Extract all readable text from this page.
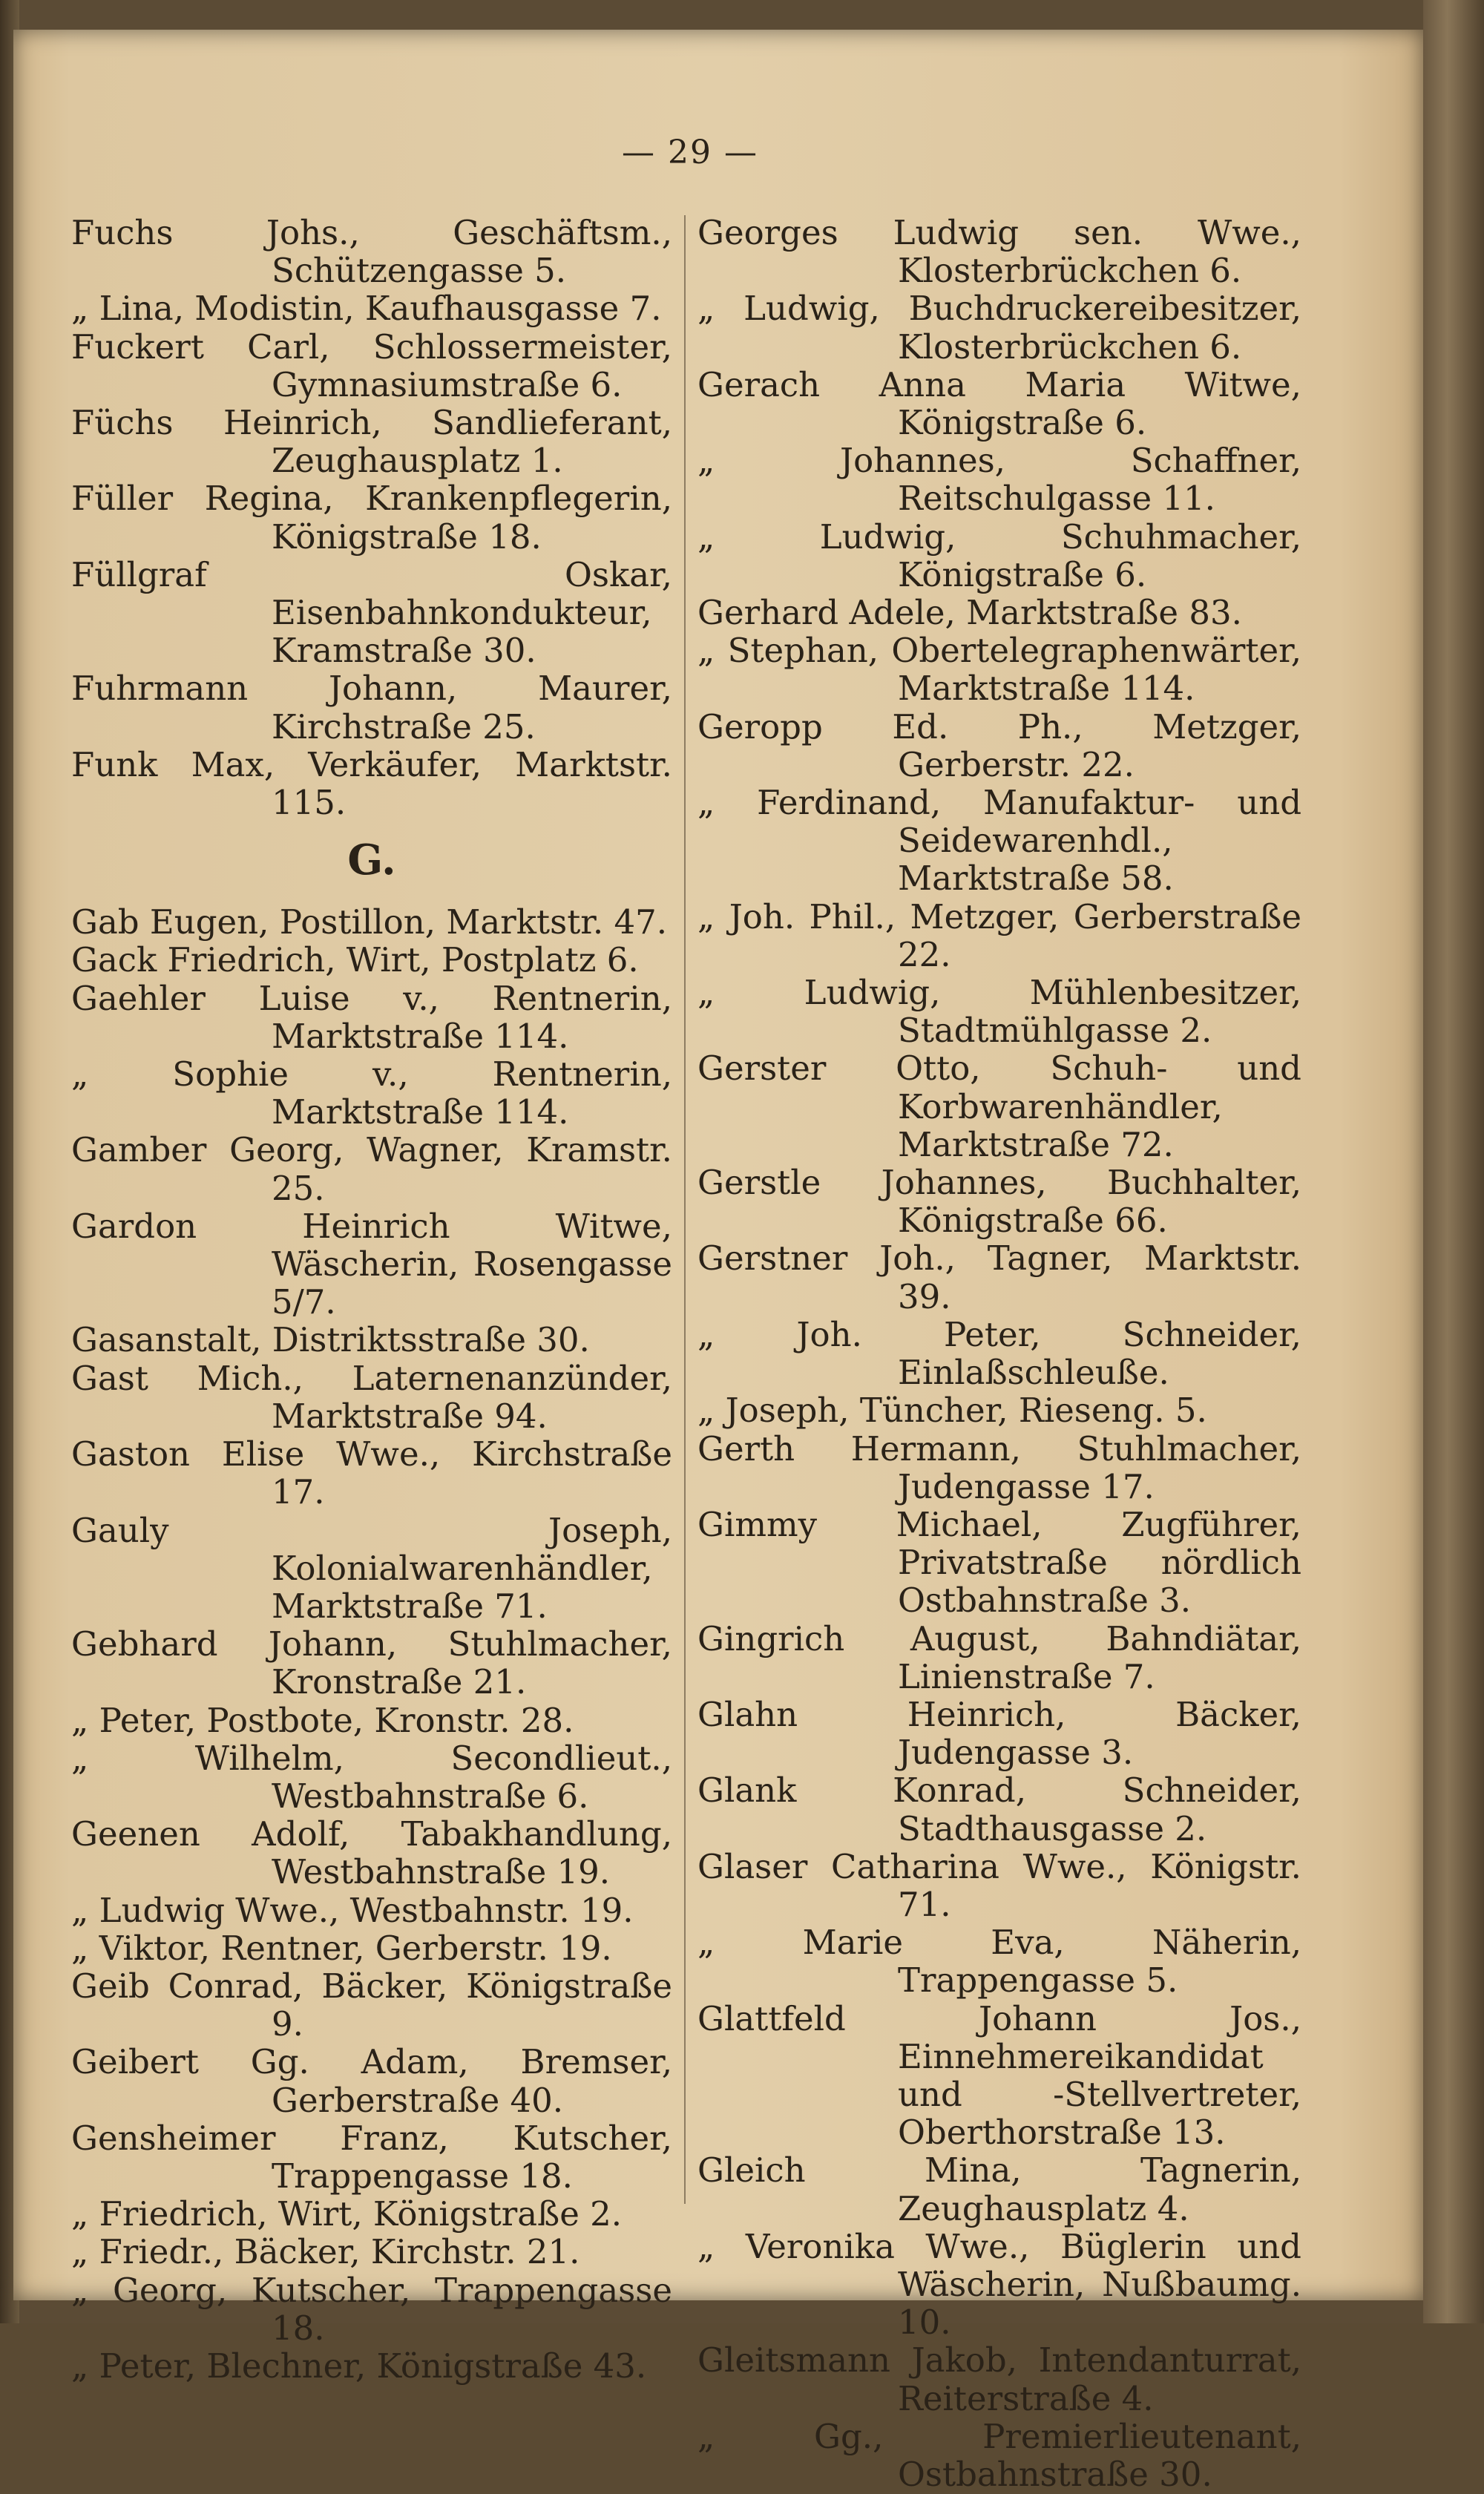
— 29 —

Fuchs Johs., Geschäftsm., Schützengasse 5.

„ Lina, Modistin, Kaufhausgasse 7.

Fuckert Carl, Schlossermeister, Gymnasiumstraße 6.

Füchs Heinrich, Sandlieferant, Zeughausplatz 1.

Füller Regina, Krankenpflegerin, Königstraße 18.

Füllgraf Oskar, Eisenbahnkondukteur, Kramstraße 30.

Fuhrmann Johann, Maurer, Kirchstraße 25.

Funk Max, Verkäufer, Marktstr. 115.

G.

Gab Eugen, Postillon, Marktstr. 47.

Gack Friedrich, Wirt, Postplatz 6.

Gaehler Luise v., Rentnerin, Marktstraße 114.

„ Sophie v., Rentnerin, Marktstraße 114.

Gamber Georg, Wagner, Kramstr. 25.

Gardon Heinrich Witwe, Wäscherin, Rosengasse 5/7.

Gasanstalt, Distriktsstraße 30.

Gast Mich., Laternenanzünder, Marktstraße 94.

Gaston Elise Wwe., Kirchstraße 17.

Gauly Joseph, Kolonialwarenhändler, Marktstraße 71.

Gebhard Johann, Stuhlmacher, Kronstraße 21.

„ Peter, Postbote, Kronstr. 28.

„ Wilhelm, Secondlieut., Westbahnstraße 6.

Geenen Adolf, Tabakhandlung, Westbahnstraße 19.

„ Ludwig Wwe., Westbahnstr. 19.

„ Viktor, Rentner, Gerberstr. 19.

Geib Conrad, Bäcker, Königstraße 9.

Geibert Gg. Adam, Bremser, Gerberstraße 40.

Gensheimer Franz, Kutscher, Trappengasse 18.

„ Friedrich, Wirt, Königstraße 2.

„ Friedr., Bäcker, Kirchstr. 21.

„ Georg, Kutscher, Trappengasse 18.

„ Peter, Blechner, Königstraße 43.

Georges Ludwig sen. Wwe., Klosterbrückchen 6.

„ Ludwig, Buchdruckereibesitzer, Klosterbrückchen 6.

Gerach Anna Maria Witwe, Königstraße 6.

„ Johannes, Schaffner, Reitschulgasse 11.

„ Ludwig, Schuhmacher, Königstraße 6.

Gerhard Adele, Marktstraße 83.

„ Stephan, Obertelegraphenwärter, Marktstraße 114.

Geropp Ed. Ph., Metzger, Gerberstr. 22.

„ Ferdinand, Manufaktur- und Seidewarenhdl., Marktstraße 58.

„ Joh. Phil., Metzger, Gerberstraße 22.

„ Ludwig, Mühlenbesitzer, Stadtmühlgasse 2.

Gerster Otto, Schuh- und Korbwarenhändler, Marktstraße 72.

Gerstle Johannes, Buchhalter, Königstraße 66.

Gerstner Joh., Tagner, Marktstr. 39.

„ Joh. Peter, Schneider, Einlaßschleuße.

„ Joseph, Tüncher, Rieseng. 5.

Gerth Hermann, Stuhlmacher, Judengasse 17.

Gimmy Michael, Zugführer, Privatstraße nördlich Ostbahnstraße 3.

Gingrich August, Bahndiätar, Linienstraße 7.

Glahn Heinrich, Bäcker, Judengasse 3.

Glank Konrad, Schneider, Stadthausgasse 2.

Glaser Catharina Wwe., Königstr. 71.

„ Marie Eva, Näherin, Trappengasse 5.

Glattfeld Johann Jos., Einnehmereikandidat und -Stellvertreter, Oberthorstraße 13.

Gleich Mina, Tagnerin, Zeughausplatz 4.

„ Veronika Wwe., Büglerin und Wäscherin, Nußbaumg. 10.

Gleitsmann Jakob, Intendanturrat, Reiterstraße 4.

„ Gg., Premierlieutenant, Ostbahnstraße 30.
